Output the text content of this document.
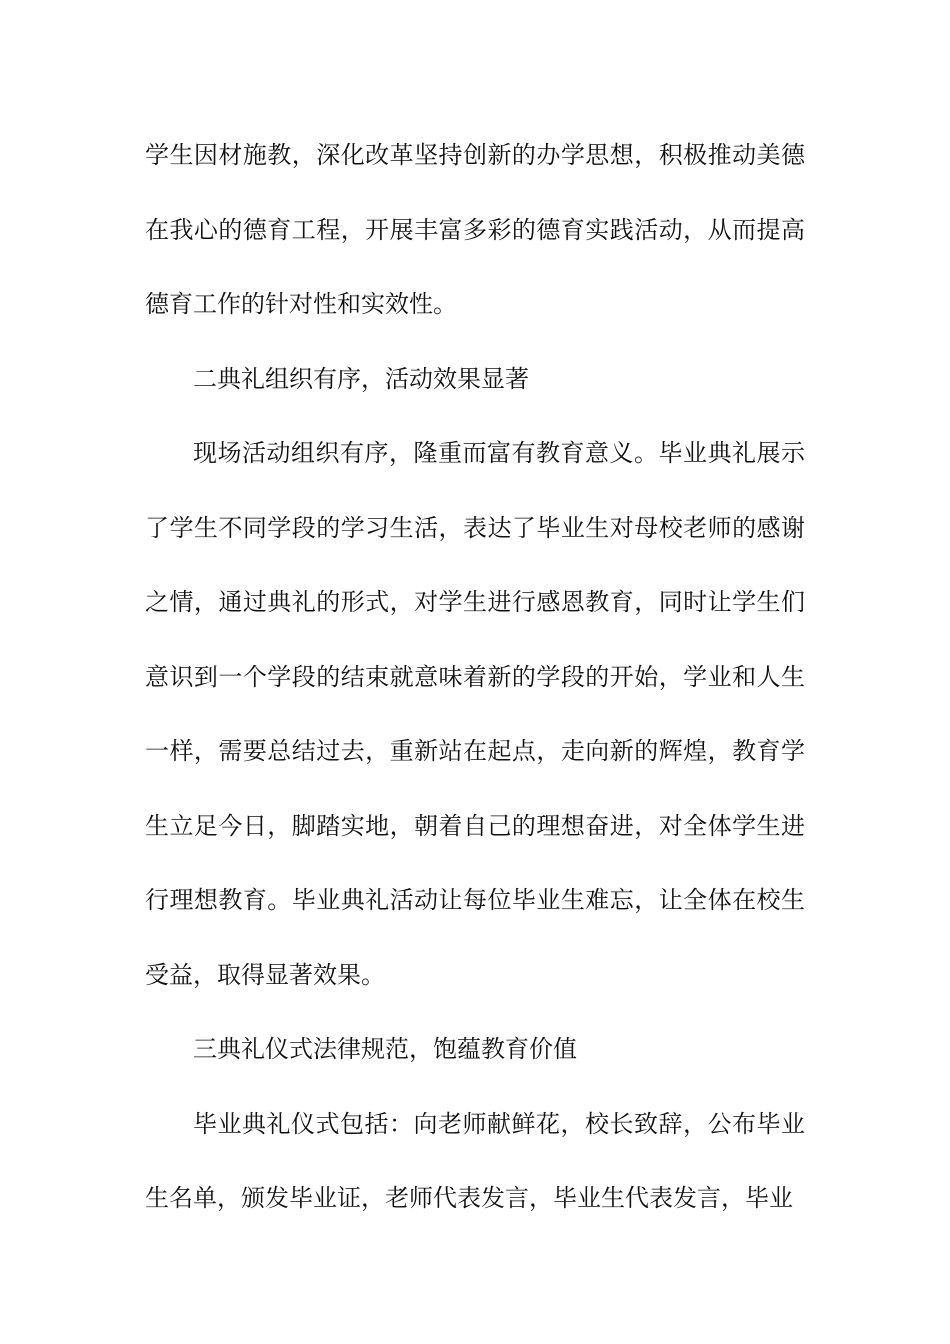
学生因材施教，深化改革坚持创新的办学思想，积极推动美德在我心的德育工程，开展丰富多彩的德育实践活动，从而提高德育工作的针对性和实效性。

二典礼组织有序，活动效果显著

现场活动组织有序，隆重而富有教育意义。毕业典礼展示了学生不同学段的学习生活，表达了毕业生对母校老师的感谢之情，通过典礼的形式，对学生进行感恩教育，同时让学生们意识到一个学段的结束就意味着新的学段的开始，学业和人生一样，需要总结过去，重新站在起点，走向新的辉煌，教育学生立足今日，脚踏实地，朝着自己的理想奋进，对全体学生进行理想教育。毕业典礼活动让每位毕业生难忘，让全体在校生受益，取得显著效果。

三典礼仪式法律规范，饱蕴教育价值

毕业典礼仪式包括：向老师献鲜花，校长致辞，公布毕业生名单，颁发毕业证，老师代表发言，毕业生代表发言，毕业
